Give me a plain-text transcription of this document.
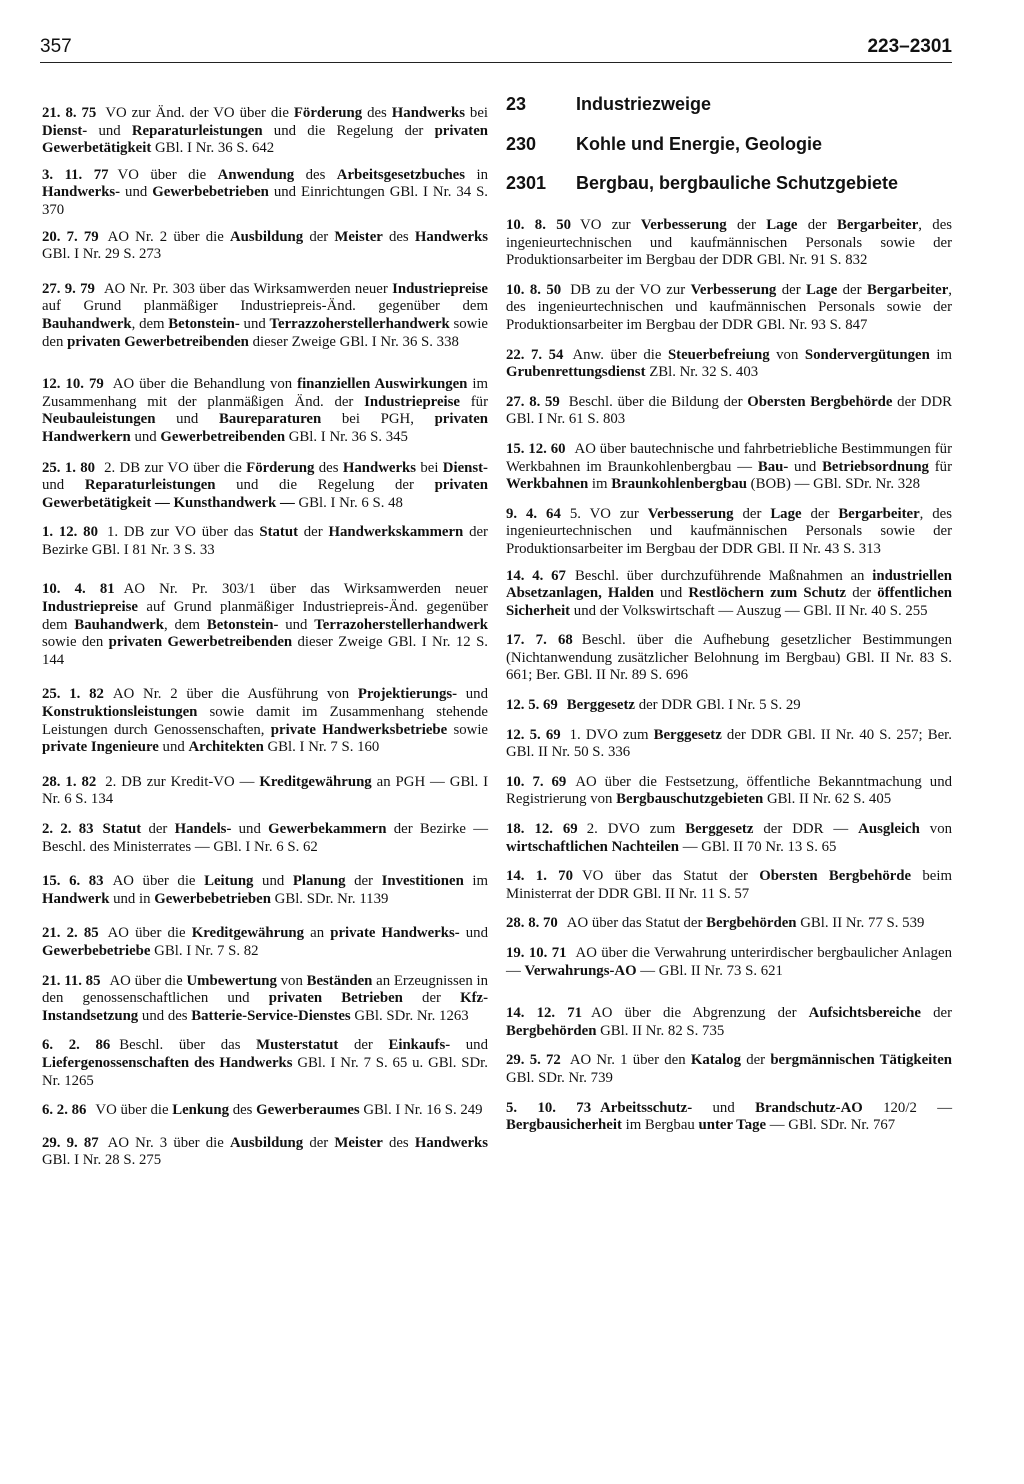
357	223–2301
23	Industriezweige
230 Kohle und Energie, Geologie
2301 Bergbau, bergbauliche Schutzgebiete
21. 8. 75 VO zur Änd. der VO über die Förderung des Handwerks bei Dienst- und Reparaturleistungen und die Regelung der privaten Gewerbetätigkeit GBl. I Nr. 36 S. 642
3. 11. 77 VO über die Anwendung des Arbeitsgesetzbuches in Handwerks- und Gewerbebetrieben und Einrichtungen GBl. I Nr. 34 S. 370
20. 7. 79 AO Nr. 2 über die Ausbildung der Meister des Handwerks GBl. I Nr. 29 S. 273
27. 9. 79 AO Nr. Pr. 303 über das Wirksamwerden neuer Industriepreise auf Grund planmäßiger Industriepreis-Änd. gegenüber dem Bauhandwerk, dem Betonstein- und Terrazzoherstellerhandwerk sowie den privaten Gewerbetreibenden dieser Zweige GBl. I Nr. 36 S. 338
12. 10. 79 AO über die Behandlung von finanziellen Auswirkungen im Zusammenhang mit der planmäßigen Änd. der Industriepreise für Neubauleistungen und Baureparaturen bei PGH, privaten Handwerkern und Gewerbetreibenden GBl. I Nr. 36 S. 345
25. 1. 80 2. DB zur VO über die Förderung des Handwerks bei Dienst- und Reparaturleistungen und die Regelung der privaten Gewerbetätigkeit — Kunsthandwerk — GBl. I Nr. 6 S. 48
1. 12. 80 1. DB zur VO über das Statut der Handwerkskammern der Bezirke GBl. I 81 Nr. 3 S. 33
10. 4. 81 AO Nr. Pr. 303/1 über das Wirksamwerden neuer Industriepreise auf Grund planmäßiger Industriepreis-Änd. gegenüber dem Bauhandwerk, dem Betonstein- und Terrazoherstellerhandwerk sowie den privaten Gewerbetreibenden dieser Zweige GBl. I Nr. 12 S. 144
25. 1. 82 AO Nr. 2 über die Ausführung von Projektierungs- und Konstruktionsleistungen sowie damit im Zusammenhang stehende Leistungen durch Genossenschaften, private Handwerksbetriebe sowie private Ingenieure und Architekten GBl. I Nr. 7 S. 160
28. 1. 82 2. DB zur Kredit-VO — Kreditgewährung an PGH — GBl. I Nr. 6 S. 134
2. 2. 83 Statut der Handels- und Gewerbekammern der Bezirke — Beschl. des Ministerrates — GBl. I Nr. 6 S. 62
15. 6. 83 AO über die Leitung und Planung der Investitionen im Handwerk und in Gewerbebetrieben GBl. SDr. Nr. 1139
21. 2. 85 AO über die Kreditgewährung an private Handwerks- und Gewerbebetriebe GBl. I Nr. 7 S. 82
21. 11. 85 AO über die Umbewertung von Beständen an Erzeugnissen in den genossenschaftlichen und privaten Betrieben der Kfz-Instandsetzung und des Batterie-Service-Dienstes GBl. SDr. Nr. 1263
6. 2. 86 Beschl. über das Musterstatut der Einkaufs- und Liefergenossenschaften des Handwerks GBl. I Nr. 7 S. 65 u. GBl. SDr. Nr. 1265
6. 2. 86 VO über die Lenkung des Gewerberaumes GBl. I Nr. 16 S. 249
29. 9. 87 AO Nr. 3 über die Ausbildung der Meister des Handwerks GBl. I Nr. 28 S. 275
10. 8. 50 VO zur Verbesserung der Lage der Bergarbeiter, des ingenieurtechnischen und kaufmännischen Personals sowie der Produktionsarbeiter im Bergbau der DDR GBl. Nr. 91 S. 832
10. 8. 50 DB zu der VO zur Verbesserung der Lage der Bergarbeiter, des ingenieurtechnischen und kaufmännischen Personals sowie der Produktionsarbeiter im Bergbau der DDR GBl. Nr. 93 S. 847
22. 7. 54 Anw. über die Steuerbefreiung von Sondervergütungen im Grubenrettungsdienst ZBl. Nr. 32 S. 403
27. 8. 59 Beschl. über die Bildung der Obersten Bergbehörde der DDR GBl. I Nr. 61 S. 803
15. 12. 60 AO über bautechnische und fahrbetriebliche Bestimmungen für Werkbahnen im Braunkohlenbergbau — Bau- und Betriebsordnung für Werkbahnen im Braunkohlenbergbau (BOB) — GBl. SDr. Nr. 328
9. 4. 64 5. VO zur Verbesserung der Lage der Bergarbeiter, des ingenieurtechnischen und kaufmännischen Personals sowie der Produktionsarbeiter im Bergbau der DDR GBl. II Nr. 43 S. 313
14. 4. 67 Beschl. über durchzuführende Maßnahmen an industriellen Absetzanlagen, Halden und Restlöchern zum Schutz der öffentlichen Sicherheit und der Volkswirtschaft — Auszug — GBl. II Nr. 40 S. 255
17. 7. 68 Beschl. über die Aufhebung gesetzlicher Bestimmungen (Nichtanwendung zusätzlicher Belohnung im Bergbau) GBl. II Nr. 83 S. 661; Ber. GBl. II Nr. 89 S. 696
12. 5. 69 Berggesetz der DDR GBl. I Nr. 5 S. 29
12. 5. 69 1. DVO zum Berggesetz der DDR GBl. II Nr. 40 S. 257; Ber. GBl. II Nr. 50 S. 336
10. 7. 69 AO über die Festsetzung, öffentliche Bekanntmachung und Registrierung von Bergbauschutzgebieten GBl. II Nr. 62 S. 405
18. 12. 69 2. DVO zum Berggesetz der DDR — Ausgleich von wirtschaftlichen Nachteilen — GBl. II 70 Nr. 13 S. 65
14. 1. 70 VO über das Statut der Obersten Bergbehörde beim Ministerrat der DDR GBl. II Nr. 11 S. 57
28. 8. 70 AO über das Statut der Bergbehörden GBl. II Nr. 77 S. 539
19. 10. 71 AO über die Verwahrung unterirdischer bergbaulicher Anlagen — Verwahrungs-AO — GBl. II Nr. 73 S. 621
14. 12. 71 AO über die Abgrenzung der Aufsichtsbereiche der Bergbehörden GBl. II Nr. 82 S. 735
29. 5. 72 AO Nr. 1 über den Katalog der bergmännischen Tätigkeiten GBl. SDr. Nr. 739
5. 10. 73 Arbeitsschutz- und Brandschutz-AO 120/2 — Bergbausicherheit im Bergbau unter Tage — GBl. SDr. Nr. 767
